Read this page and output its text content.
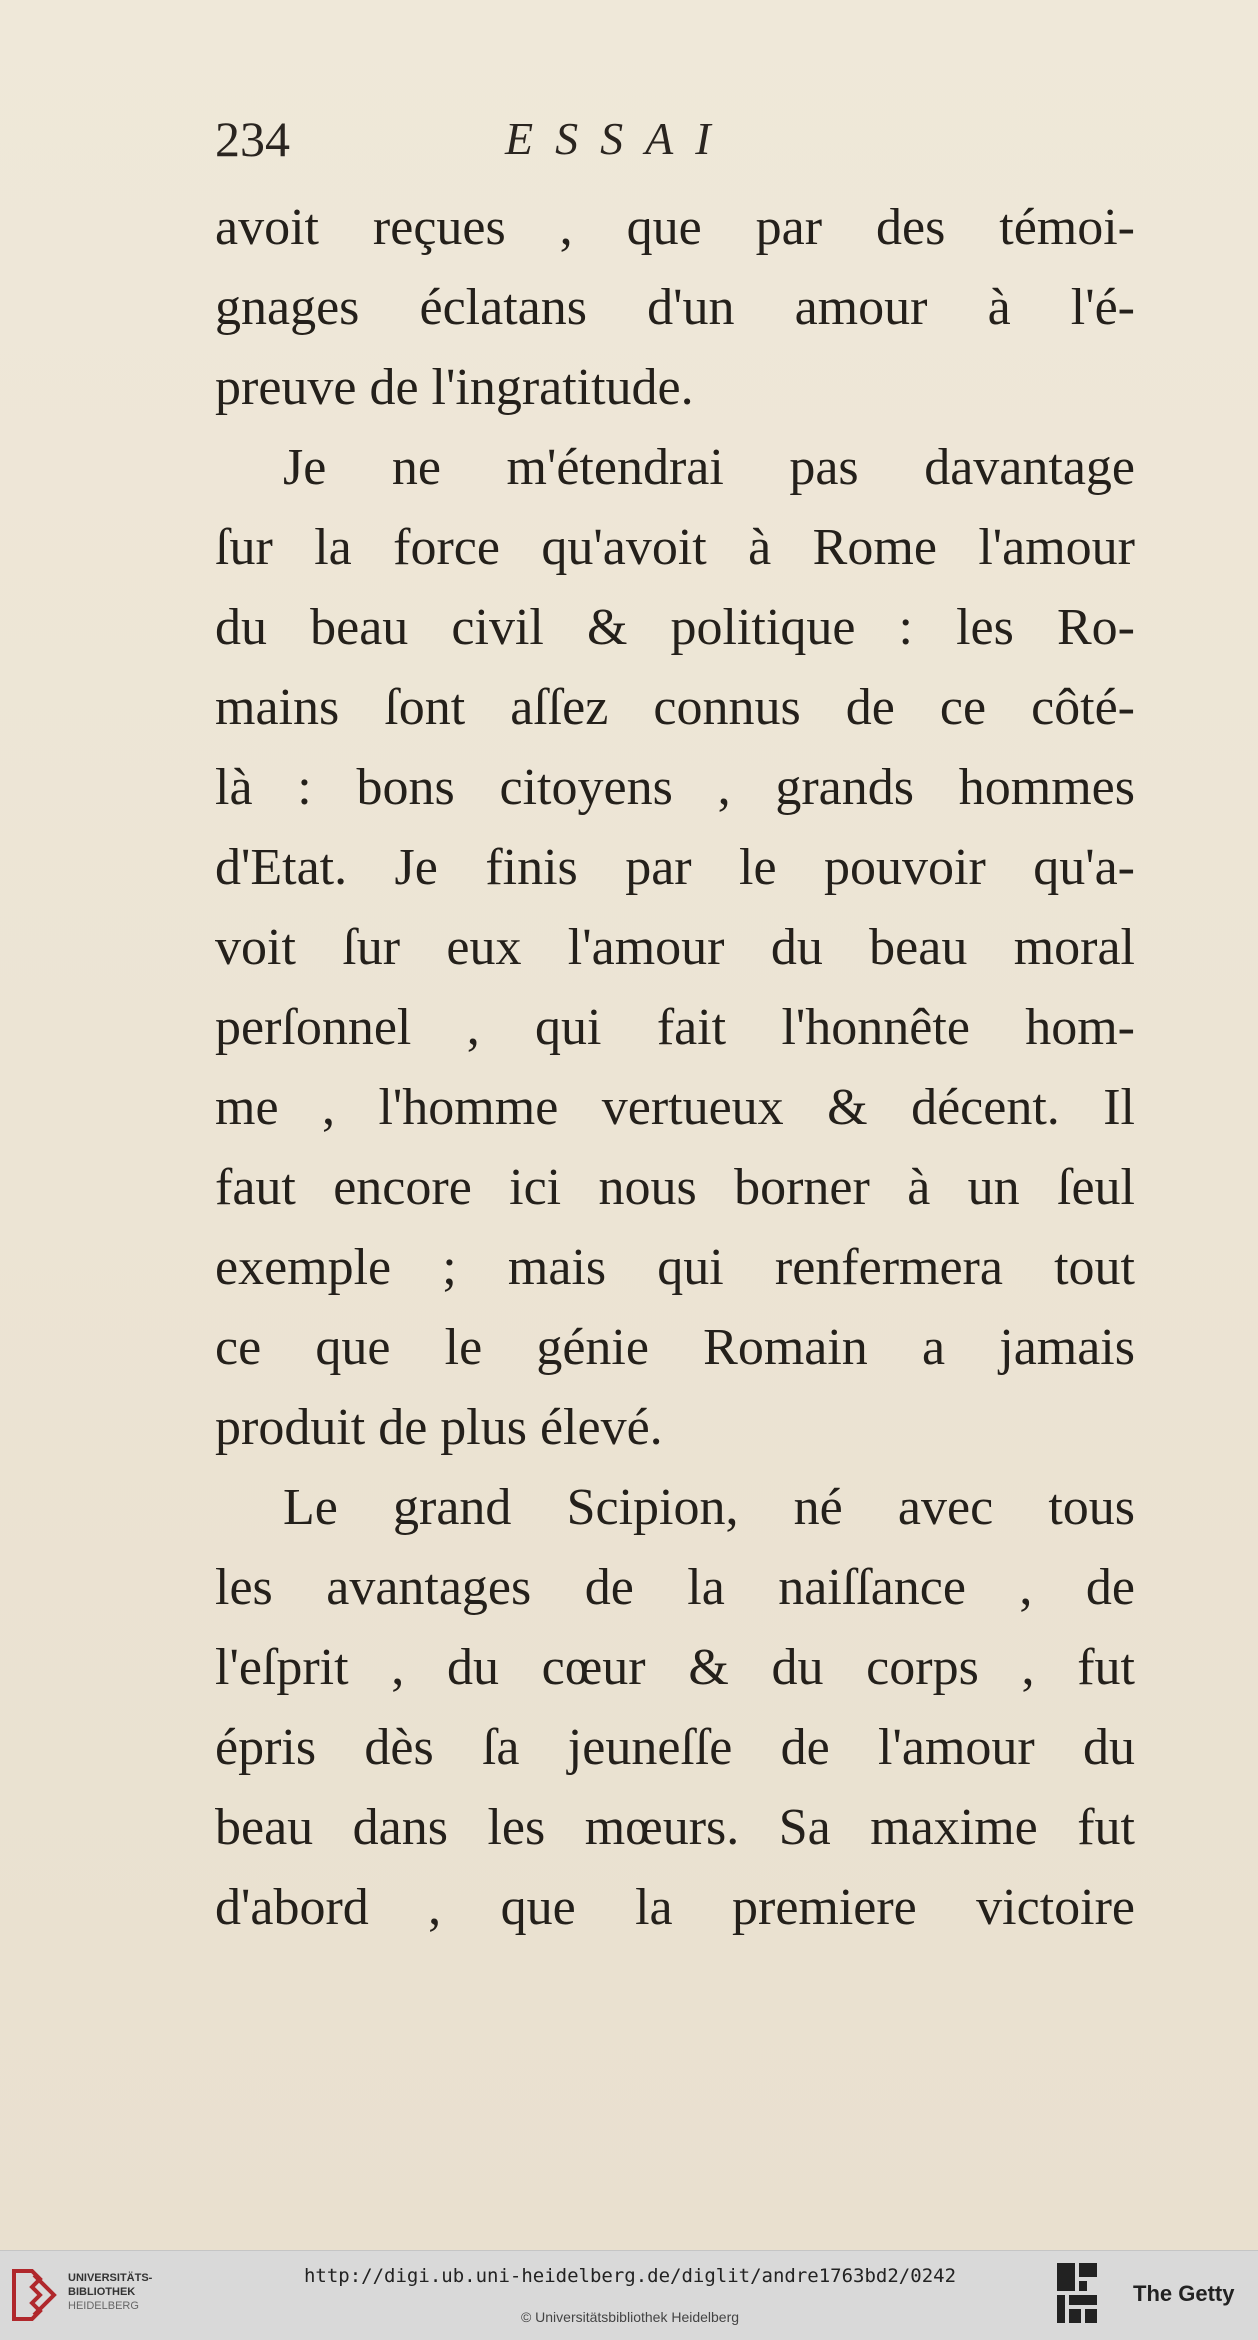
234	ESSAI
avoit reçues , que par des témoi-
gnages éclatans d'un amour à l'é-
preuve de l'ingratitude.
Je ne m'étendrai pas davantage
ſur la force qu'avoit à Rome l'amour
du beau civil & politique : les Ro-
mains ſont aſſez connus de ce côté-
là : bons citoyens , grands hommes
d'Etat. Je finis par le pouvoir qu'a-
voit ſur eux l'amour du beau moral
perſonnel , qui fait l'honnête hom-
me , l'homme vertueux & décent. Il
faut encore ici nous borner à un ſeul
exemple ; mais qui renfermera tout
ce que le génie Romain a jamais
produit de plus élevé.
Le grand Scipion, né avec tous
les avantages de la naiſſance , de
l'eſprit , du cœur & du corps , fut
épris dès ſa jeuneſſe de l'amour du
beau dans les mœurs. Sa maxime fut
d'abord , que la premiere victoire
UNIVERSITÄTS-
BIBLIOTHEK
HEIDELBERG
http://digi.ub.uni-heidelberg.de/diglit/andre1763bd2/0242
© Universitätsbibliothek Heidelberg
The Getty
